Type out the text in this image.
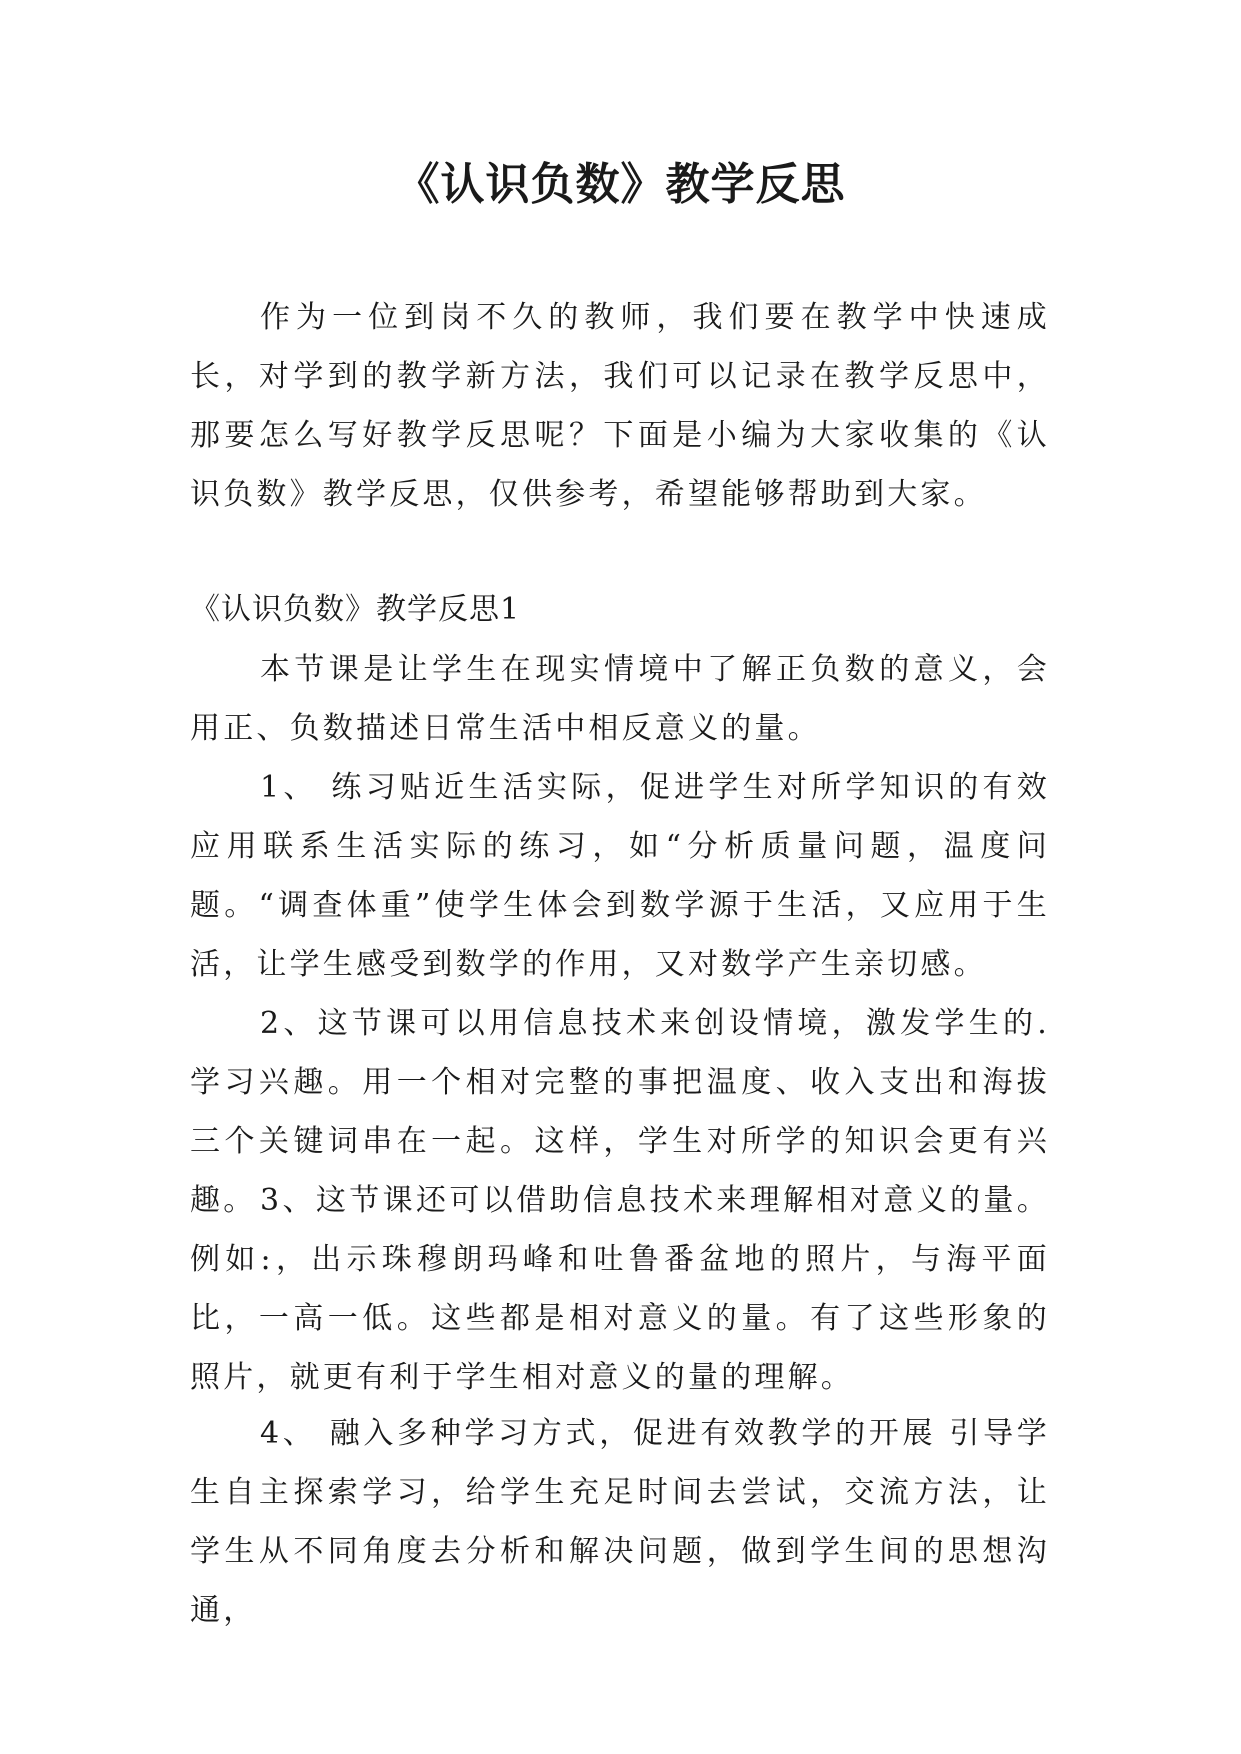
《认识负数》教学反思

作为一位到岗不久的教师，我们要在教学中快速成长，对学到的教学新方法，我们可以记录在教学反思中，那要怎么写好教学反思呢？下面是小编为大家收集的《认识负数》教学反思，仅供参考，希望能够帮助到大家。

《认识负数》教学反思1

本节课是让学生在现实情境中了解正负数的意义，会用正、负数描述日常生活中相反意义的量。

1、 练习贴近生活实际，促进学生对所学知识的有效应用联系生活实际的练习，如“分析质量问题，温度问题。“调查体重”使学生体会到数学源于生活，又应用于生活，让学生感受到数学的作用，又对数学产生亲切感。

2、这节课可以用信息技术来创设情境，激发学生的.学习兴趣。用一个相对完整的事把温度、收入支出和海拔三个关键词串在一起。这样，学生对所学的知识会更有兴趣。 3、这节课还可以借助信息技术来理解相对意义的量。例如:，出示珠穆朗玛峰和吐鲁番盆地的照片，与海平面比，一高一低。这些都是相对意义的量。有了这些形象的照片，就更有利于学生相对意义的量的理解。

4、 融入多种学习方式，促进有效教学的开展 引导学生自主探索学习，给学生充足时间去尝试，交流方法，让学生从不同角度去分析和解决问题，做到学生间的思想沟通，
